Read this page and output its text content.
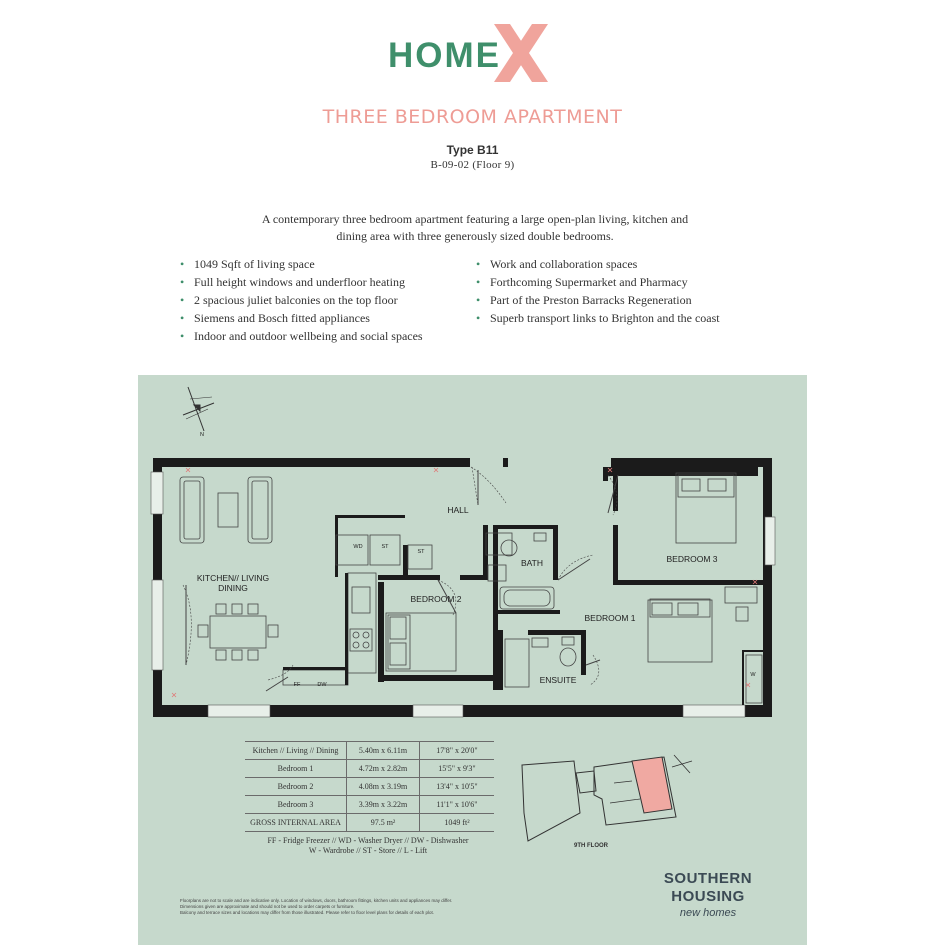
HOME
THREE BEDROOM APARTMENT
Type B11
B-09-02 (Floor 9)
A contemporary three bedroom apartment featuring a large open-plan living, kitchen and dining area with three generously sized double bedrooms.
• 1049 Sqft of living space
• Full height windows and underfloor heating
• 2 spacious juliet balconies on the top floor
• Siemens and Bosch fitted appliances
• Indoor and outdoor wellbeing and social spaces
• Work and collaboration spaces
• Forthcoming Supermarket and Pharmacy
• Part of the Preston Barracks Regeneration
• Superb transport links to Brighton and the coast
N
KITCHEN// LIVING
DINING
HALL
BATH
BEDROOM 2
BEDROOM 1
BEDROOM 3
ENSUITE
WD	ST
ST
FF	DW
W
Kitchen // Living // Dining	5.40m x 6.11m	17'8" x 20'0"
Bedroom 1	4.72m x 2.82m	15'5" x 9'3"
Bedroom 2	4.08m x 3.19m	13'4" x 10'5"
Bedroom 3	3.39m x 3.22m	11'1" x 10'6"
GROSS INTERNAL AREA	97.5 m²	1049 ft²
FF - Fridge Freezer // WD - Washer Dryer // DW - Dishwasher
W - Wardrobe // ST - Store // L - Lift	9TH FLOOR
Floorplans are not to scale and are indicative only. Location of windows, doors, bathroom fittings, kitchen units and appliances may differ.
Dimensions given are approximate and should not be used to order carpets or furniture.
Balcony and terrace sizes and locations may differ from those illustrated. Please refer to floor level plans for details of each plot.
SOUTHERN
HOUSING
new homes
